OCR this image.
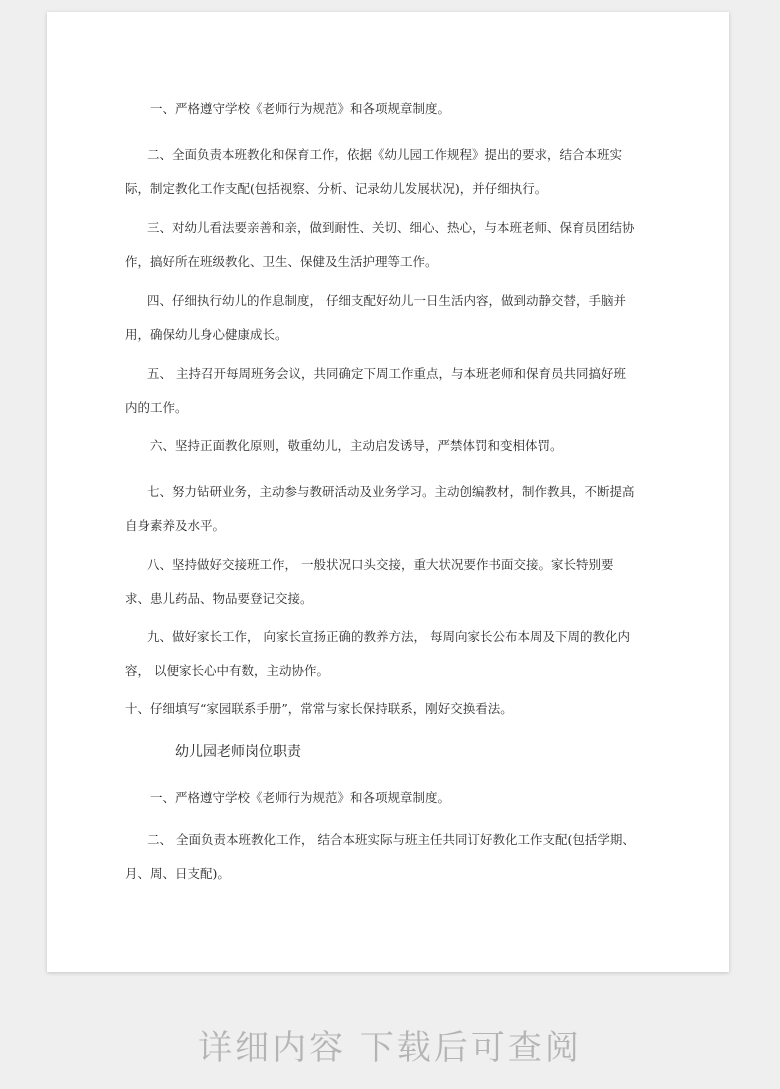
一、严格遵守学校《老师行为规范》和各项规章制度。

二、全面负责本班教化和保育工作，依据《幼儿园工作规程》提出的要求，结合本班实际，制定教化工作支配(包括视察、分析、记录幼儿发展状况)，并仔细执行。

三、对幼儿看法要亲善和亲，做到耐性、关切、细心、热心，与本班老师、保育员团结协作，搞好所在班级教化、卫生、保健及生活护理等工作。

四、仔细执行幼儿的作息制度， 仔细支配好幼儿一日生活内容，做到动静交替，手脑并用，确保幼儿身心健康成长。

五、 主持召开每周班务会议，共同确定下周工作重点，与本班老师和保育员共同搞好班内的工作。

六、坚持正面教化原则，敬重幼儿，主动启发诱导，严禁体罚和变相体罚。

七、努力钻研业务，主动参与教研活动及业务学习。主动创编教材，制作教具，不断提高自身素养及水平。

八、坚持做好交接班工作， 一般状况口头交接，重大状况要作书面交接。家长特别要求、患儿药品、物品要登记交接。

九、做好家长工作， 向家长宣扬正确的教养方法， 每周向家长公布本周及下周的教化内容， 以便家长心中有数，主动协作。

十、仔细填写“家园联系手册”，常常与家长保持联系，刚好交换看法。

幼儿园老师岗位职责

一、严格遵守学校《老师行为规范》和各项规章制度。

二、 全面负责本班教化工作， 结合本班实际与班主任共同订好教化工作支配(包括学期、月、周、日支配)。

详细内容 下载后可查阅
